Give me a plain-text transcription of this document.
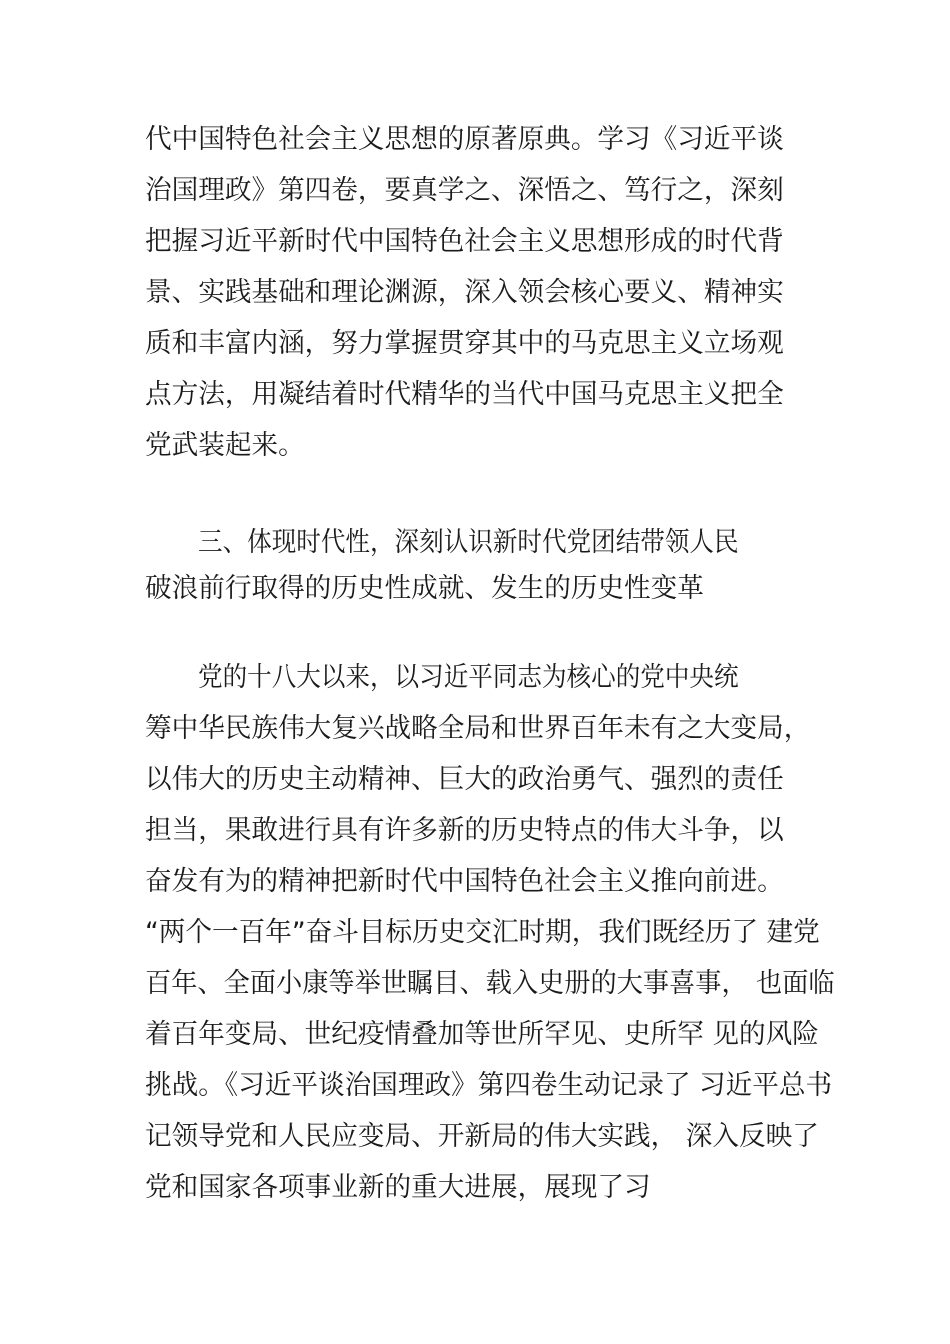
代中国特色社会主义思想的原著原典。学习《习近平谈
治国理政》第四卷，要真学之、深悟之、笃行之，深刻
把握习近平新时代中国特色社会主义思想形成的时代背
景、实践基础和理论渊源，深入领会核心要义、精神实
质和丰富内涵，努力掌握贯穿其中的马克思主义立场观
点方法，用凝结着时代精华的当代中国马克思主义把全
党武装起来。
三、体现时代性，深刻认识新时代党团结带领人民
破浪前行取得的历史性成就、发生的历史性变革
党的十八大以来，以习近平同志为核心的党中央统
筹中华民族伟大复兴战略全局和世界百年未有之大变局，
以伟大的历史主动精神、巨大的政治勇气、强烈的责任
担当，果敢进行具有许多新的历史特点的伟大斗争，以
奋发有为的精神把新时代中国特色社会主义推向前进。
“两个一百年”奋斗目标历史交汇时期，我们既经历了 建党
百年、全面小康等举世瞩目、载入史册的大事喜事， 也面临
着百年变局、世纪疫情叠加等世所罕见、史所罕 见的风险
挑战。《习近平谈治国理政》第四卷生动记录了 习近平总书
记领导党和人民应变局、开新局的伟大实践， 深入反映了
党和国家各项事业新的重大进展，展现了习
